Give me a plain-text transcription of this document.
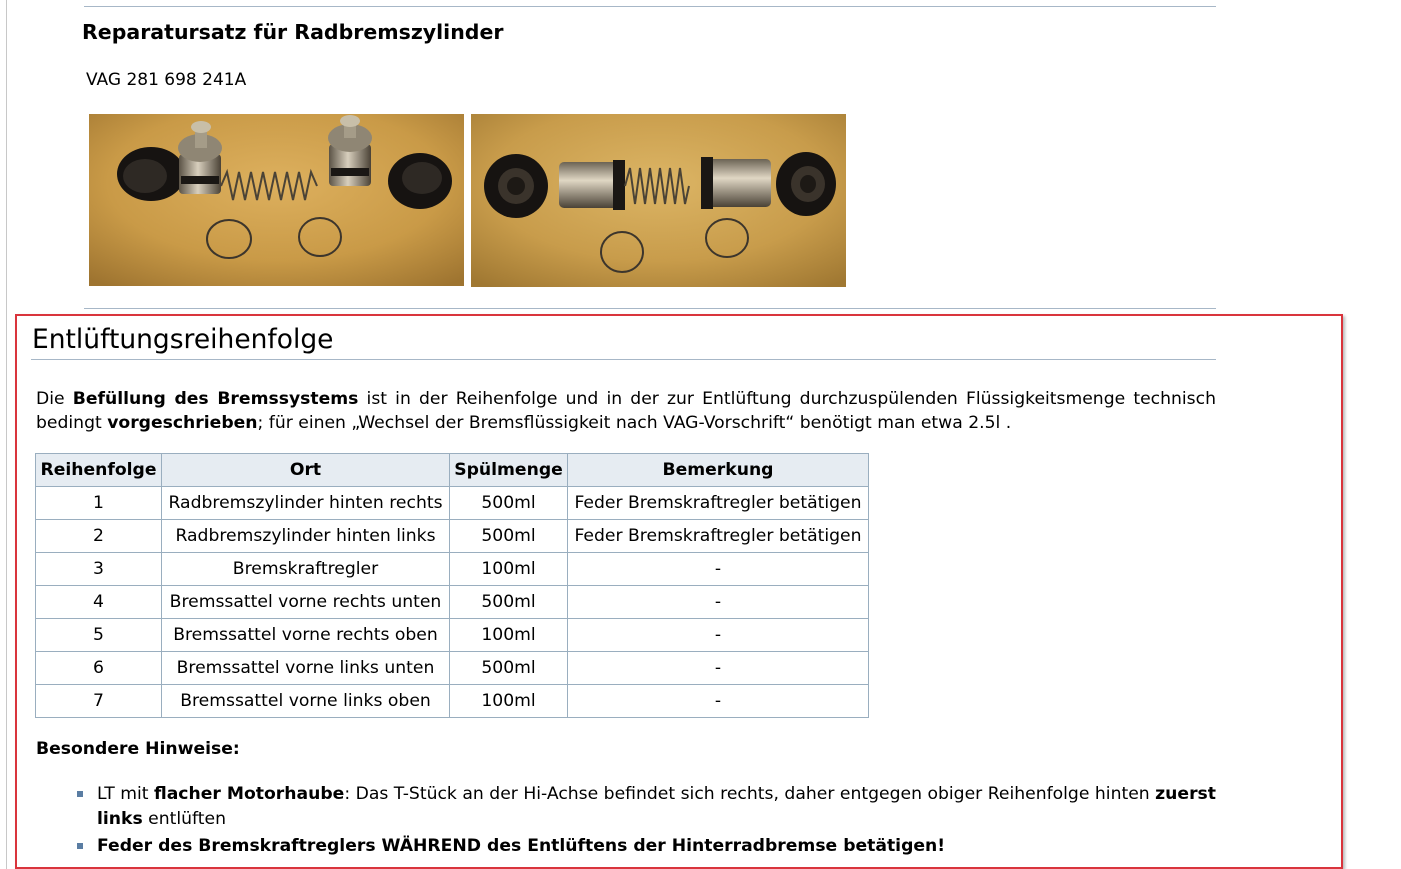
Reparatursatz für Radbremszylinder
VAG 281 698 241A
Entlüftungsreihenfolge

Die Befüllung des Bremssystems ist in der Reihenfolge und in der zur Entlüftung durchzuspülenden Flüssigkeitsmenge technisch bedingt vorgeschrieben; für einen „Wechsel der Bremsflüssigkeit nach VAG-Vorschrift“ benötigt man etwa 2.5l .

Reihenfolge	Ort	Spülmenge	Bemerkung
1	Radbremszylinder hinten rechts	500ml	Feder Bremskraftregler betätigen
2	Radbremszylinder hinten links	500ml	Feder Bremskraftregler betätigen
3	Bremskraftregler	100ml	-
4	Bremssattel vorne rechts unten	500ml	-
5	Bremssattel vorne rechts oben	100ml	-
6	Bremssattel vorne links unten	500ml	-
7	Bremssattel vorne links oben	100ml	-
Besondere Hinweise:
LT mit flacher Motorhaube: Das T-Stück an der Hi-Achse befindet sich rechts, daher entgegen obiger Reihenfolge hinten zuerst links entlüften
Feder des Bremskraftreglers WÄHREND des Entlüftens der Hinterradbremse betätigen!
